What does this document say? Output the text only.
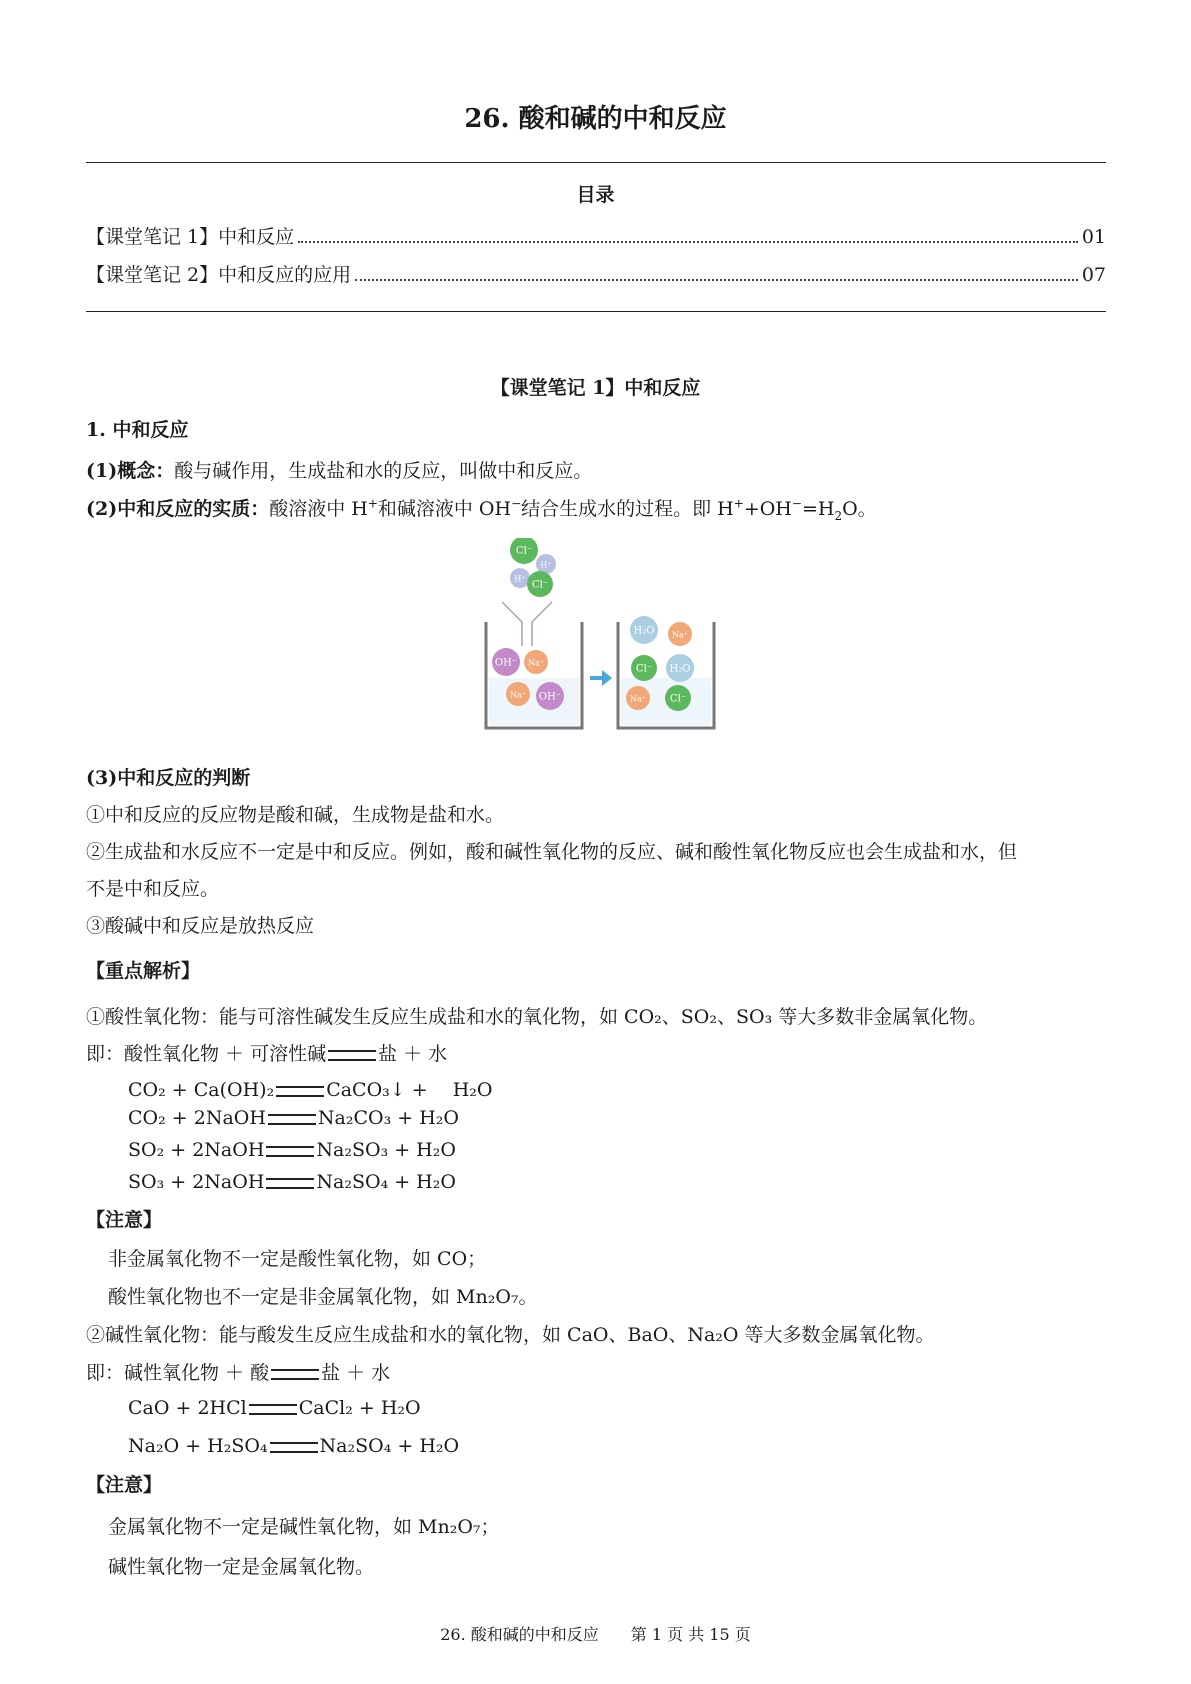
26. 酸和碱的中和反应
目录
【课堂笔记 1】中和反应	01
【课堂笔记 2】中和反应的应用	07
【课堂笔记 1】中和反应
1. 中和反应
(1)概念：酸与碱作用，生成盐和水的反应，叫做中和反应。
(2)中和反应的实质：酸溶液中 H+和碱溶液中 OH−结合生成水的过程。即 $H^++OH^-=H_2O$。
Cl⁻
H⁺
H⁺
Cl⁻
OH⁻ Na⁺
Na⁺ OH⁻
H₂O Na⁺
Cl⁻ H₂O
Na⁺ Cl⁻
(3)中和反应的判断
①中和反应的反应物是酸和碱，生成物是盐和水。
②生成盐和水反应不一定是中和反应。例如，酸和碱性氧化物的反应、碱和酸性氧化物反应也会生成盐和水，但
不是中和反应。
③酸碱中和反应是放热反应
【重点解析】
①酸性氧化物：能与可溶性碱发生反应生成盐和水的氧化物，如 CO₂、SO₂、SO₃ 等大多数非金属氧化物。
即：酸性氧化物 ＋ 可溶性碱	盐 ＋ 水
CO₂ + Ca(OH)₂	CaCO₃↓ + 　H₂O
CO₂ + 2NaOH	Na₂CO₃ + H₂O
SO₂ + 2NaOH	Na₂SO₃ + H₂O
SO₃ + 2NaOH	Na₂SO₄ + H₂O
【注意】
非金属氧化物不一定是酸性氧化物，如 CO；
酸性氧化物也不一定是非金属氧化物，如 Mn₂O₇。
②碱性氧化物：能与酸发生反应生成盐和水的氧化物，如 CaO、BaO、Na₂O 等大多数金属氧化物。
即：碱性氧化物 ＋ 酸	盐 ＋ 水
CaO + 2HCl	CaCl₂ + H₂O
Na₂O + H₂SO₄	Na₂SO₄ + H₂O
【注意】
金属氧化物不一定是碱性氧化物，如 Mn₂O₇；
碱性氧化物一定是金属氧化物。
26. 酸和碱的中和反应　　第 1 页 共 15 页
